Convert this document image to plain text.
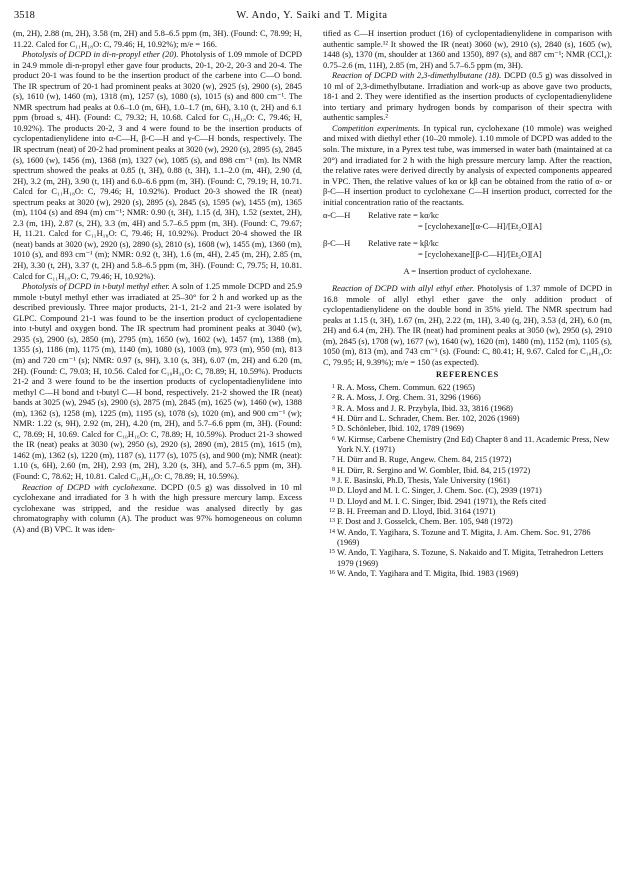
3518	W. Ando, Y. Saiki and T. Migita

(m, 2H), 2.88 (m, 2H), 3.58 (m, 2H) and 5.8–6.5 ppm (m, 3H). (Found: C, 78.99; H, 11.22. Calcd for C₁₁H₁₈O: C, 79.46; H, 10.92%); m/e = 166.

Photolysis of DCPD in di-n-propyl ether (20). Photolysis of 1.09 mmole of DCPD in 24.9 mmole di-n-propyl ether gave four products, 20-1, 20-2, 20-3 and 20-4. The product 20-1 was found to be the insertion product of the carbene into C—O bond. The IR spectrum of 20-1 had prominent peaks at 3020 (w), 2925 (s), 2900 (s), 2845 (s), 1610 (w), 1460 (m), 1318 (m), 1257 (s), 1080 (s), 1015 (s) and 800 cm⁻¹. The NMR spectrum had peaks at 0.6–1.0 (m, 6H), 1.0–1.7 (m, 6H), 3.10 (t, 2H) and 6.1 ppm (broad s, 4H). (Found: C, 79.32; H, 10.68. Calcd for C₁₁H₁₈O: C, 79.46; H, 10.92%). The products 20-2, 3 and 4 were found to be the insertion products of cyclopentadienylidene into α-C—H, β-C—H and γ-C—H bonds, respectively. The IR spectrum (neat) of 20-2 had prominent peaks at 3020 (w), 2920 (s), 2895 (s), 2845 (s), 1600 (w), 1456 (m), 1368 (m), 1327 (w), 1085 (s), and 898 cm⁻¹ (m). Its NMR spectrum showed the peaks at 0.85 (t, 3H), 0.88 (t, 3H), 1.1–2.0 (m, 4H), 2.90 (d, 2H), 3.2 (m, 2H), 3.90 (t, 1H) and 6.0–6.6 ppm (m, 3H). (Found: C, 79.19; H, 10.71. Calcd for C₁₁H₁₈O: C, 79.46; H, 10.92%). Product 20-3 showed the IR (neat) spectrum peaks at 3020 (w), 2920 (s), 2895 (s), 2845 (s), 1595 (w), 1455 (m), 1365 (m), 1104 (s) and 894 (m) cm⁻¹; NMR: 0.90 (t, 3H), 1.15 (d, 3H), 1.52 (sextet, 2H), 2.3 (m, 1H), 2.87 (s, 2H), 3.3 (m, 4H) and 5.7–6.5 ppm (m, 3H). (Found: C, 79.67; H, 11.21. Calcd for C₁₁H₁₈O: C, 79.46; H, 10.92%). Product 20-4 showed the IR (neat) bands at 3020 (w), 2920 (s), 2890 (s), 2810 (s), 1608 (w), 1455 (m), 1360 (m), 1010 (s), and 893 cm⁻¹ (m); NMR: 0.92 (t, 3H), 1.6 (m, 4H), 2.45 (m, 2H), 2.85 (m, 2H), 3.30 (t, 2H), 3.37 (t, 2H) and 5.8–6.5 ppm (m, 3H). (Found: C, 79.75; H, 10.81. Calcd for C₁₁H₁₈O: C, 79.46; H, 10.92%).

Photolysis of DCPD in t-butyl methyl ether. A soln of 1.25 mmole DCPD and 25.9 mmole t-butyl methyl ether was irradiated at 25–30° for 2 h and worked up as the described previously. Three major products, 21-1, 21-2 and 21-3 were isolated by GLPC. Compound 21-1 was found to be the insertion product of cyclopentadiene into t-butyl and oxygen bond. The IR spectrum had prominent peaks at 3040 (w), 2935 (s), 2900 (s), 2850 (m), 2795 (m), 1650 (w), 1602 (w), 1457 (m), 1388 (m), 1355 (s), 1186 (m), 1175 (m), 1140 (m), 1080 (s), 1003 (m), 973 (m), 950 (m), 813 (m) and 720 cm⁻¹ (s); NMR: 0.97 (s, 9H), 3.10 (s, 3H), 6.07 (m, 2H) and 6.20 (m, 2H). (Found: C, 79.03; H, 10.56. Calcd for C₁₀H₁₆O: C, 78.89; H, 10.59%). Products 21-2 and 3 were found to be the insertion products of cyclopentadienylidene into methyl C—H bond and t-butyl C—H bond, respectively. 21-2 showed the IR (neat) bands at 3025 (w), 2945 (s), 2900 (s), 2875 (m), 2845 (m), 1625 (w), 1460 (w), 1388 (m), 1362 (s), 1258 (m), 1225 (m), 1195 (s), 1078 (s), 1020 (m), and 900 cm⁻¹ (w); NMR: 1.22 (s, 9H), 2.92 (m, 2H), 4.20 (m, 2H), and 5.7–6.6 ppm (m, 3H). (Found: C, 78.69; H, 10.69. Calcd for C₁₀H₁₆O: C, 78.89; H, 10.59%). Product 21-3 showed the IR (neat) peaks at 3030 (w), 2950 (s), 2920 (s), 2890 (m), 2815 (m), 1615 (m), 1462 (m), 1362 (s), 1220 (m), 1187 (s), 1177 (s), 1075 (s), and 900 (m); NMR (neat): 1.10 (s, 6H), 2.60 (m, 2H), 2.93 (m, 2H), 3.20 (s, 3H), and 5.7–6.5 ppm (m, 3H). (Found: C, 78.62; H, 10.81. Calcd C₁₀H₁₆O: C, 78.89; H, 10.59%).

Reaction of DCPD with cyclohexane. DCPD (0.5 g) was dissolved in 10 ml cyclohexane and irradiated for 3 h with the high pressure mercury lamp. Excess cyclohexane was stripped, and the residue was analysed directly by gas chromatography with column (A). The product was 97% homogeneous on column (A) and (B) VPC. It was iden-

tified as C—H insertion product (16) of cyclopentadienylidene in comparison with authentic sample.¹² It showed the IR (neat) 3060 (w), 2910 (s), 2840 (s), 1605 (w), 1448 (s), 1370 (m, shoulder at 1360 and 1350), 897 (s), and 887 cm⁻¹; NMR (CCl₄): 0.75–2.6 (m, 11H), 2.85 (m, 2H) and 5.7–6.5 ppm (m, 3H).

Reaction of DCPD with 2,3-dimethylbutane (18). DCPD (0.5 g) was dissolved in 10 ml of 2,3-dimethylbutane. Irradiation and work-up as above gave two products, 18-1 and 2. They were identified as the insertion products of cyclopentadienylidene into tertiary and primary hydrogen bonds by comparison of their spectra with authentic samples.²

Competition experiments. In typical run, cyclohexane (10 mmole) was weighed and mixed with diethyl ether (10–20 mmole). 1.10 mmole of DCPD was added to the soln. The mixture, in a Pyrex test tube, was immersed in water bath (maintained at ca 20°) and irradiated for 2 h with the high pressure mercury lamp. After the reaction, the relative rates were derived directly by analysis of expected components appeared in VPC. Then, the relative values of kα or kβ can be obtained from the ratio of α- or β-C—H insertion product to cyclohexane C—H insertion product, corrected for the initial concentration ratio of the reactants.

α-C—H	Relative rate = kα/kc
= [cyclohexane][α-C—H]/[Et₂O][A]
β-C—H	Relative rate = kβ/kc
= [cyclohexane][β-C—H]/[Et₂O][A]
A = Insertion product of cyclohexane.

Reaction of DCPD with allyl ethyl ether. Photolysis of 1.37 mmole of DCPD in 16.8 mmole of allyl ethyl ether gave the only addition product of cyclopentadienylidene on the double bond in 35% yield. The NMR spectrum had peaks at 1.15 (t, 3H), 1.67 (m, 2H), 2.22 (m, 1H), 3.40 (q, 2H), 3.53 (d, 2H), 6.0 (m, 2H) and 6.4 (m, 2H). The IR (neat) had prominent peaks at 3050 (w), 2950 (s), 2910 (m), 2845 (s), 1708 (w), 1677 (w), 1640 (w), 1620 (m), 1480 (m), 1152 (m), 1105 (s), 1050 (m), 813 (m), and 743 cm⁻¹ (s). (Found: C, 80.41; H, 9.67. Calcd for C₁₀H₁₄O: C, 79.95; H, 9.39%); m/e = 150 (as expected).

REFERENCES
1 R. A. Moss, Chem. Commun. 622 (1965)
2 R. A. Moss, J. Org. Chem. 31, 3296 (1966)
3 R. A. Moss and J. R. Przybyla, Ibid. 33, 3816 (1968)
4 H. Dürr and L. Schrader, Chem. Ber. 102, 2026 (1969)
5 D. Schönleber, Ibid. 102, 1789 (1969)
6 W. Kirmse, Carbene Chemistry (2nd Ed) Chapter 8 and 11. Academic Press, New York N.Y. (1971)
7 H. Dürr and B. Ruge, Angew. Chem. 84, 215 (1972)
8 H. Dürr, R. Sergino and W. Gombler, Ibid. 84, 215 (1972)
9 J. E. Basinski, Ph.D, Thesis, Yale University (1961)
10 D. Lloyd and M. I. C. Singer, J. Chem. Soc. (C), 2939 (1971)
11 D. Lloyd and M. I. C. Singer, Ibid. 2941 (1971), the Refs cited
12 B. H. Freeman and D. Lloyd, Ibid. 3164 (1971)
13 F. Dost and J. Gosselck, Chem. Ber. 105, 948 (1972)
14 W. Ando, T. Yagihara, S. Tozune and T. Migita, J. Am. Chem. Soc. 91, 2786 (1969)
15 W. Ando, T. Yagihara, S. Tozune, S. Nakaido and T. Migita, Tetrahedron Letters 1979 (1969)
16 W. Ando, T. Yagihara and T. Migita, Ibid. 1983 (1969)
